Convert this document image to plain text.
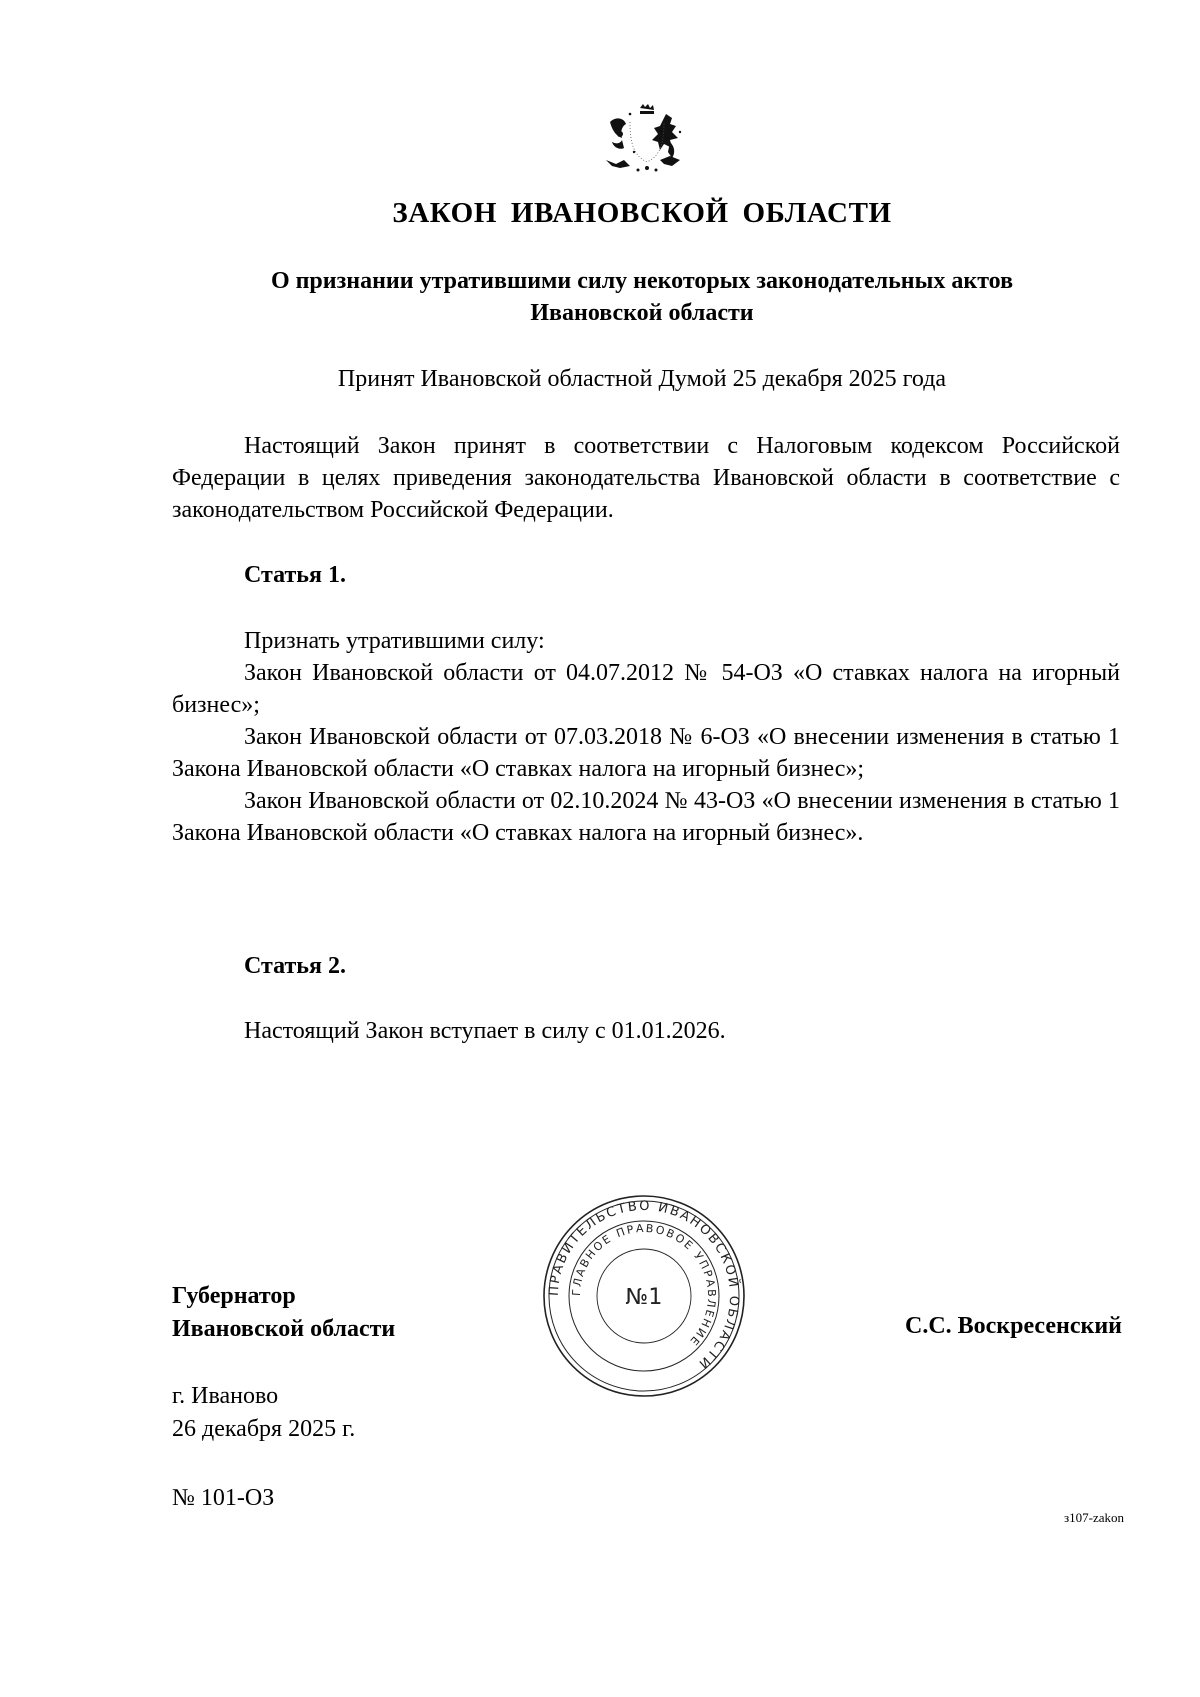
ЗАКОН ИВАНОВСКОЙ ОБЛАСТИ
О признании утратившими силу некоторых законодательных актов
Ивановской области
Принят Ивановской областной Думой 25 декабря 2025 года

Настоящий Закон принят в соответствии с Налоговым кодексом Российской Федерации в целях приведения законодательства Ивановской области в соответствие с законодательством Российской Федерации.

Статья 1.

Признать утратившими силу:

Закон Ивановской области от 04.07.2012 № 54-ОЗ «О ставках налога на игорный бизнес»;

Закон Ивановской области от 07.03.2018 № 6-ОЗ «О внесении изменения в статью 1 Закона Ивановской области «О ставках налога на игорный бизнес»;

Закон Ивановской области от 02.10.2024 № 43-ОЗ «О внесении изменения в статью 1 Закона Ивановской области «О ставках налога на игорный бизнес».

Статья 2.

Настоящий Закон вступает в силу с 01.01.2026.

Губернатор
Ивановской области
ПРАВИТЕЛЬСТВО ИВАНОВСКОЙ ОБЛАСТИ
ГЛАВНОЕ ПРАВОВОЕ УПРАВЛЕНИЕ
№1
С.С. Воскресенский
г. Иваново
26 декабря 2025 г.
№ 101-ОЗ
з107-zakon
